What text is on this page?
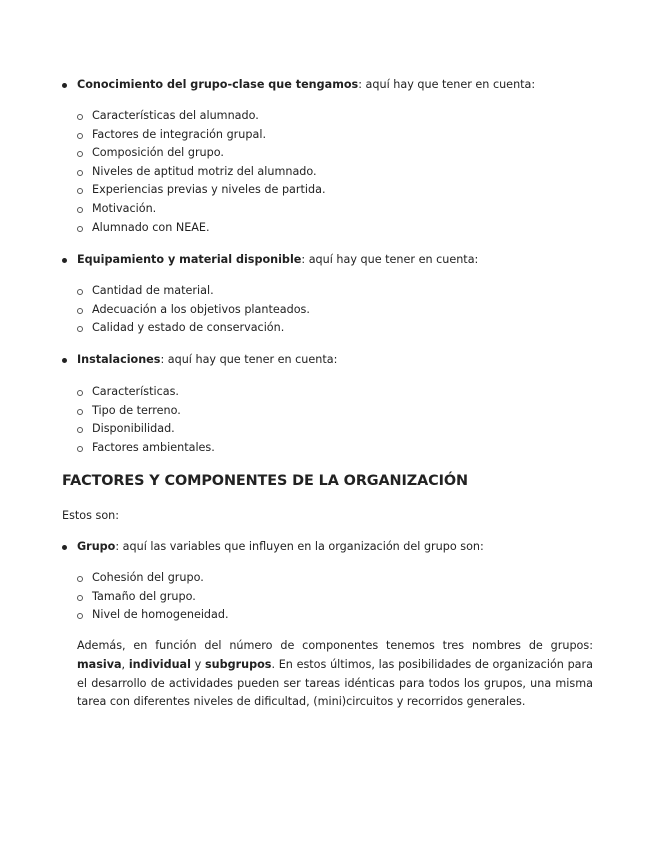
Conocimiento del grupo-clase que tengamos: aquí hay que tener en cuenta:
Características del alumnado.
Factores de integración grupal.
Composición del grupo.
Niveles de aptitud motriz del alumnado.
Experiencias previas y niveles de partida.
Motivación.
Alumnado con NEAE.
Equipamiento y material disponible: aquí hay que tener en cuenta:
Cantidad de material.
Adecuación a los objetivos planteados.
Calidad y estado de conservación.
Instalaciones: aquí hay que tener en cuenta:
Características.
Tipo de terreno.
Disponibilidad.
Factores ambientales.
FACTORES Y COMPONENTES DE LA ORGANIZACIÓN
Estos son:
Grupo: aquí las variables que influyen en la organización del grupo son:
Cohesión del grupo.
Tamaño del grupo.
Nivel de homogeneidad.
Además, en función del número de componentes tenemos tres nombres de grupos: masiva, individual y subgrupos. En estos últimos, las posibilidades de organización para el desarrollo de actividades pueden ser tareas idénticas para todos los grupos, una misma tarea con diferentes niveles de dificultad, (mini)circuitos y recorridos generales.
